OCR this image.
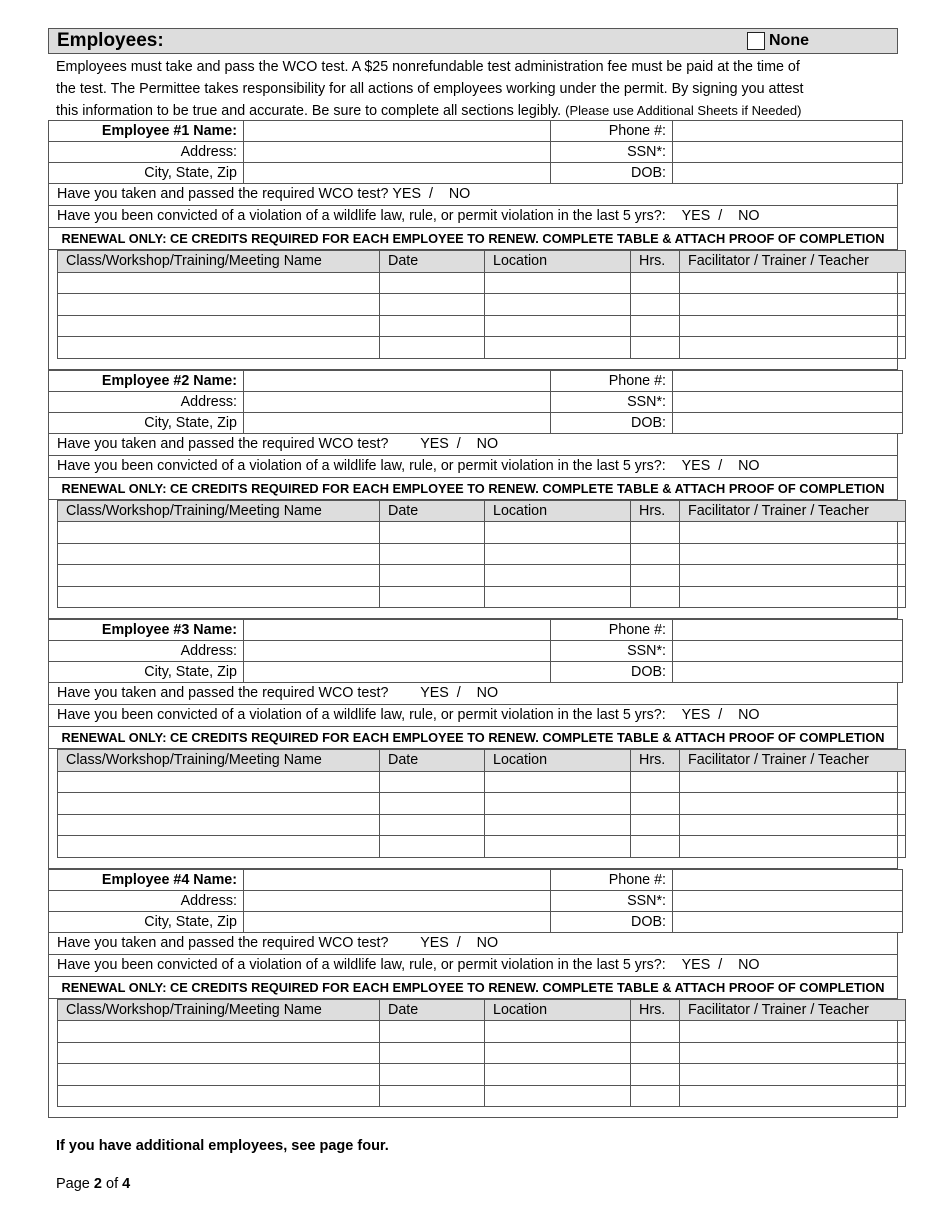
Employees:	None
Employees must take and pass the WCO test. A $25 nonrefundable test administration fee must be paid at the time of
the test. The Permittee takes responsibility for all actions of employees working under the permit. By signing you attest
this information to be true and accurate. Be sure to complete all sections legibly. (Please use Additional Sheets if Needed)
Employee #1 Name:		Phone #:	
Address:		SSN*:	
City, State, Zip		DOB:	
Have you taken and passed the required WCO test? YES / NO
Have you been convicted of a violation of a wildlife law, rule, or permit violation in the last 5 yrs?: YES / NO
RENEWAL ONLY: CE CREDITS REQUIRED FOR EACH EMPLOYEE TO RENEW. COMPLETE TABLE & ATTACH PROOF OF COMPLETION
Class/Workshop/Training/Meeting Name	Date	Location	Hrs.	Facilitator / Trainer / Teacher

Employee #2 Name:		Phone #:	
Address:		SSN*:	
City, State, Zip		DOB:	
Have you taken and passed the required WCO test? YES / NO
Have you been convicted of a violation of a wildlife law, rule, or permit violation in the last 5 yrs?: YES / NO
RENEWAL ONLY: CE CREDITS REQUIRED FOR EACH EMPLOYEE TO RENEW. COMPLETE TABLE & ATTACH PROOF OF COMPLETION
Class/Workshop/Training/Meeting Name	Date	Location	Hrs.	Facilitator / Trainer / Teacher

Employee #3 Name:		Phone #:	
Address:		SSN*:	
City, State, Zip		DOB:	
Have you taken and passed the required WCO test? YES / NO
Have you been convicted of a violation of a wildlife law, rule, or permit violation in the last 5 yrs?: YES / NO
RENEWAL ONLY: CE CREDITS REQUIRED FOR EACH EMPLOYEE TO RENEW. COMPLETE TABLE & ATTACH PROOF OF COMPLETION
Class/Workshop/Training/Meeting Name	Date	Location	Hrs.	Facilitator / Trainer / Teacher

Employee #4 Name:		Phone #:	
Address:		SSN*:	
City, State, Zip		DOB:	
Have you taken and passed the required WCO test? YES / NO
Have you been convicted of a violation of a wildlife law, rule, or permit violation in the last 5 yrs?: YES / NO
RENEWAL ONLY: CE CREDITS REQUIRED FOR EACH EMPLOYEE TO RENEW. COMPLETE TABLE & ATTACH PROOF OF COMPLETION
Class/Workshop/Training/Meeting Name	Date	Location	Hrs.	Facilitator / Trainer / Teacher

If you have additional employees, see page four.
Page 2 of 4
